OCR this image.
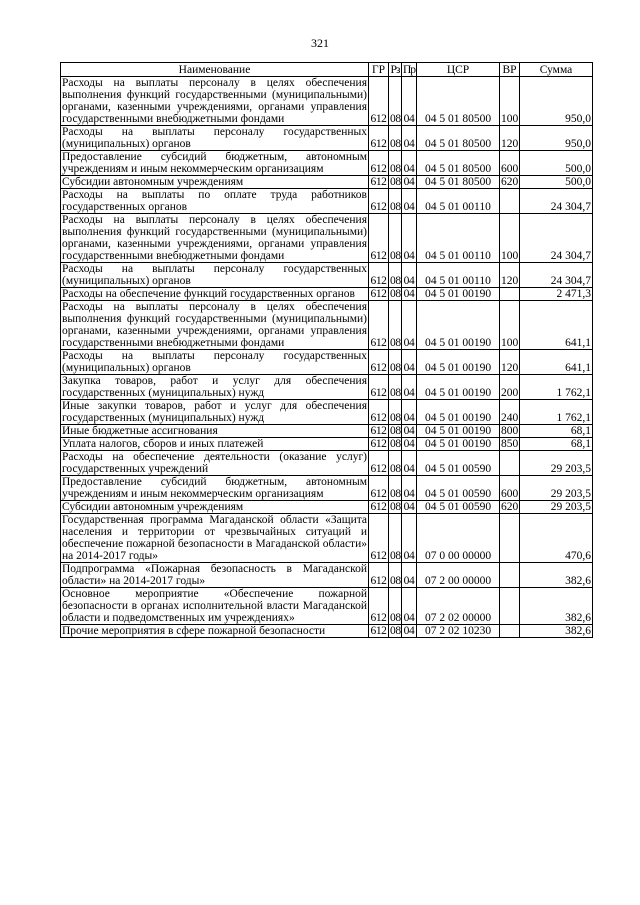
321
Наименование	ГР	Рз	Пр	ЦСР	ВР	Сумма
Расходы на выплаты персоналу в целях обеспечения выполнения функций государственными (муниципальными) органами, казенными учреждениями, органами управления государственными внебюджетными фондами	612	08	04	04 5 01 80500	100	950,0
Расходы на выплаты персоналу государственных (муниципальных) органов	612	08	04	04 5 01 80500	120	950,0
Предоставление субсидий бюджетным, автономным учреждениям и иным некоммерческим организациям	612	08	04	04 5 01 80500	600	500,0
Субсидии автономным учреждениям	612	08	04	04 5 01 80500	620	500,0
Расходы на выплаты по оплате труда работников государственных органов	612	08	04	04 5 01 00110		24 304,7
Расходы на выплаты персоналу в целях обеспечения выполнения функций государственными (муниципальными) органами, казенными учреждениями, органами управления государственными внебюджетными фондами	612	08	04	04 5 01 00110	100	24 304,7
Расходы на выплаты персоналу государственных (муниципальных) органов	612	08	04	04 5 01 00110	120	24 304,7
Расходы на обеспечение функций государственных органов	612	08	04	04 5 01 00190		2 471,3
Расходы на выплаты персоналу в целях обеспечения выполнения функций государственными (муниципальными) органами, казенными учреждениями, органами управления государственными внебюджетными фондами	612	08	04	04 5 01 00190	100	641,1
Расходы на выплаты персоналу государственных (муниципальных) органов	612	08	04	04 5 01 00190	120	641,1
Закупка товаров, работ и услуг для обеспечения государственных (муниципальных) нужд	612	08	04	04 5 01 00190	200	1 762,1
Иные закупки товаров, работ и услуг для обеспечения государственных (муниципальных) нужд	612	08	04	04 5 01 00190	240	1 762,1
Иные бюджетные ассигнования	612	08	04	04 5 01 00190	800	68,1
Уплата налогов, сборов и иных платежей	612	08	04	04 5 01 00190	850	68,1
Расходы на обеспечение деятельности (оказание услуг) государственных учреждений	612	08	04	04 5 01 00590		29 203,5
Предоставление субсидий бюджетным, автономным учреждениям и иным некоммерческим организациям	612	08	04	04 5 01 00590	600	29 203,5
Субсидии автономным учреждениям	612	08	04	04 5 01 00590	620	29 203,5
Государственная программа Магаданской области «Защита населения и территории от чрезвычайных ситуаций и обеспечение пожарной безопасности в Магаданской области» на 2014-2017 годы»	612	08	04	07 0 00 00000		470,6
Подпрограмма «Пожарная безопасность в Магаданской области» на 2014-2017 годы»	612	08	04	07 2 00 00000		382,6
Основное мероприятие «Обеспечение пожарной безопасности в органах исполнительной власти Магаданской области и подведомственных им учреждениях»	612	08	04	07 2 02 00000		382,6
Прочие мероприятия в сфере пожарной безопасности	612	08	04	07 2 02 10230		382,6
